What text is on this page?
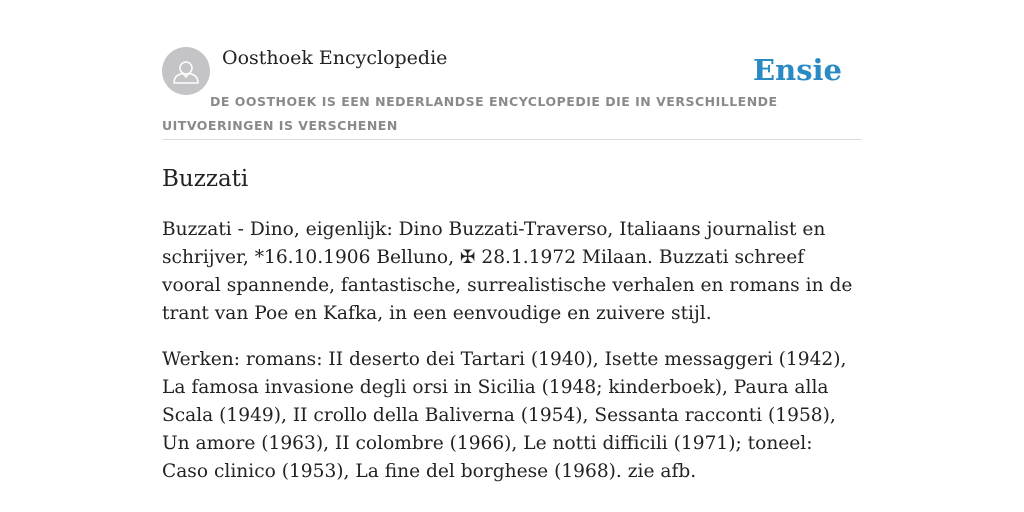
Oosthoek Encyclopedie	Ensie

DE OOSTHOEK IS EEN NEDERLANDSE ENCYCLOPEDIE DIE IN VERSCHILLENDE UITVOERINGEN IS VERSCHENEN

Buzzati

Buzzati - Dino, eigenlijk: Dino Buzzati-Traverso, Italiaans journalist en schrijver, *16.10.1906 Belluno, ✠ 28.1.1972 Milaan. Buzzati schreef vooral spannende, fantastische, surrealistische verhalen en romans in de trant van Poe en Kafka, in een eenvoudige en zuivere stijl.

Werken: romans: II deserto dei Tartari (1940), Isette messaggeri (1942), La famosa invasione degli orsi in Sicilia (1948; kinderboek), Paura alla Scala (1949), II crollo della Baliverna (1954), Sessanta racconti (1958), Un amore (1963), II colombre (1966), Le notti difficili (1971); toneel: Caso clinico (1953), La fine del borghese (1968). zie afb.
